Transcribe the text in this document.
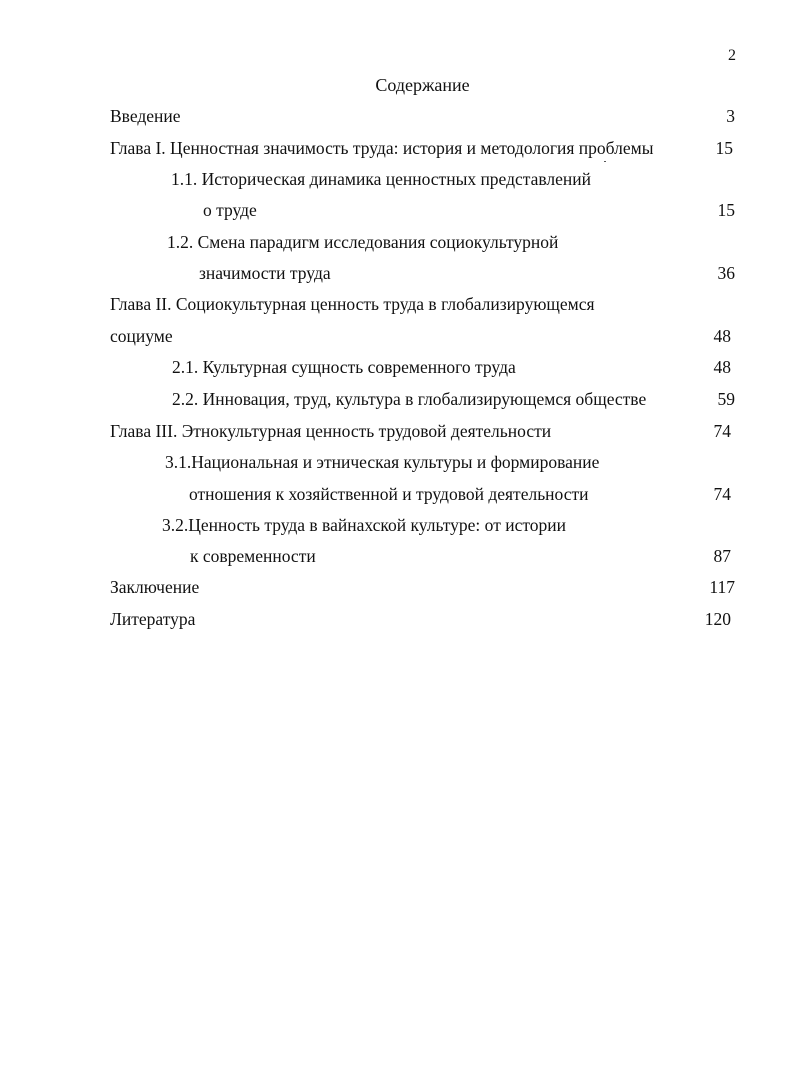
2
Содержание
Введение	3
Глава I. Ценностная значимость труда: история и методология проблемы	15
1.1. Историческая динамика ценностных представлений
о труде	15
1.2. Смена парадигм исследования социокультурной
значимости труда	36
Глава II. Социокультурная ценность труда в глобализирующемся
социуме	48
2.1. Культурная сущность современного труда	48
2.2. Инновация, труд, культура в глобализирующемся обществе	59
Глава III. Этнокультурная ценность трудовой деятельности	74
3.1.Национальная и этническая культуры и формирование
отношения к хозяйственной и трудовой деятельности	74
3.2.Ценность труда в вайнахской культуре: от истории
к современности	87
Заключение	117
Литература	120
